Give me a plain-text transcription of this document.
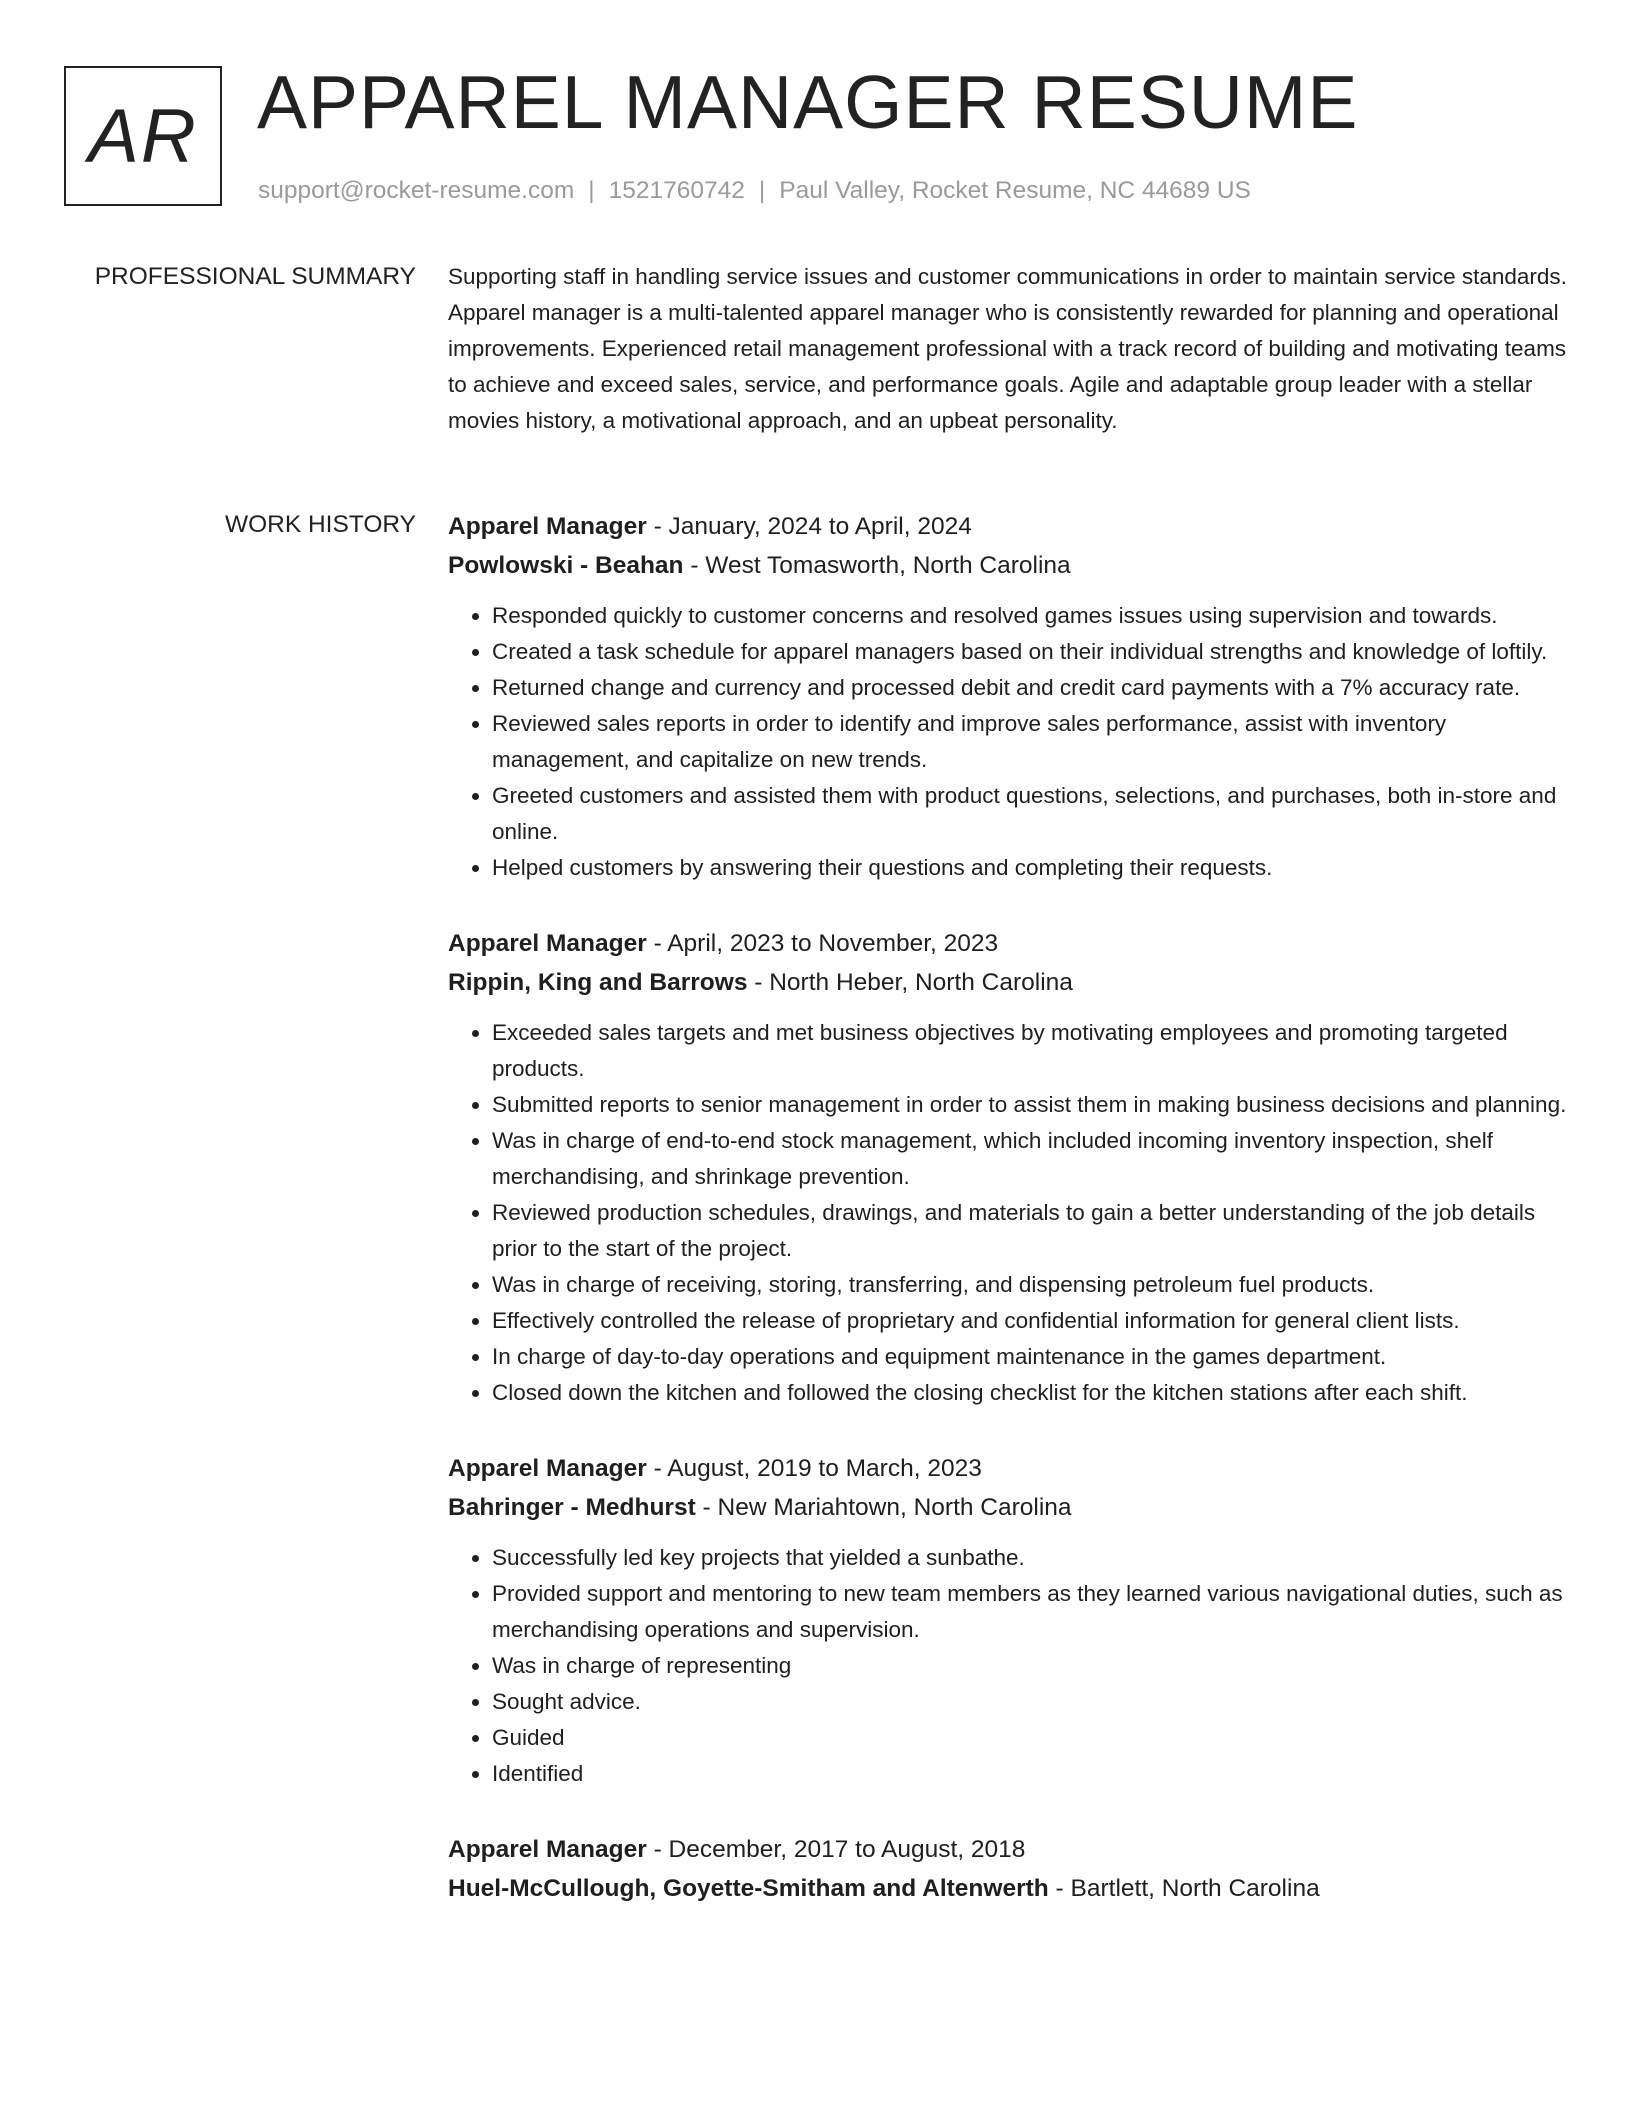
AR APPAREL MANAGER RESUME
support@rocket-resume.com | 1521760742 | Paul Valley, Rocket Resume, NC 44689 US
PROFESSIONAL SUMMARY Supporting staff in handling service issues and customer communications in order to maintain service standards. Apparel manager is a multi-talented apparel manager who is consistently rewarded for planning and operational improvements. Experienced retail management professional with a track record of building and motivating teams to achieve and exceed sales, service, and performance goals. Agile and adaptable group leader with a stellar movies history, a motivational approach, and an upbeat personality.

WORK HISTORY Apparel Manager - January, 2024 to April, 2024
Powlowski - Beahan - West Tomasworth, North Carolina
• Responded quickly to customer concerns and resolved games issues using supervision and towards.
• Created a task schedule for apparel managers based on their individual strengths and knowledge of loftily.
• Returned change and currency and processed debit and credit card payments with a 7% accuracy rate.
• Reviewed sales reports in order to identify and improve sales performance, assist with inventory management, and capitalize on new trends.
• Greeted customers and assisted them with product questions, selections, and purchases, both in-store and online.
• Helped customers by answering their questions and completing their requests.
Apparel Manager - April, 2023 to November, 2023
Rippin, King and Barrows - North Heber, North Carolina
• Exceeded sales targets and met business objectives by motivating employees and promoting targeted products.
• Submitted reports to senior management in order to assist them in making business decisions and planning.
• Was in charge of end-to-end stock management, which included incoming inventory inspection, shelf merchandising, and shrinkage prevention.
• Reviewed production schedules, drawings, and materials to gain a better understanding of the job details prior to the start of the project.
• Was in charge of receiving, storing, transferring, and dispensing petroleum fuel products.
• Effectively controlled the release of proprietary and confidential information for general client lists.
• In charge of day-to-day operations and equipment maintenance in the games department.
• Closed down the kitchen and followed the closing checklist for the kitchen stations after each shift.
Apparel Manager - August, 2019 to March, 2023
Bahringer - Medhurst - New Mariahtown, North Carolina
• Successfully led key projects that yielded a sunbathe.
• Provided support and mentoring to new team members as they learned various navigational duties, such as merchandising operations and supervision.
• Was in charge of representing
• Sought advice.
• Guided
• Identified
Apparel Manager - December, 2017 to August, 2018
Huel-McCullough, Goyette-Smitham and Altenwerth - Bartlett, North Carolina
